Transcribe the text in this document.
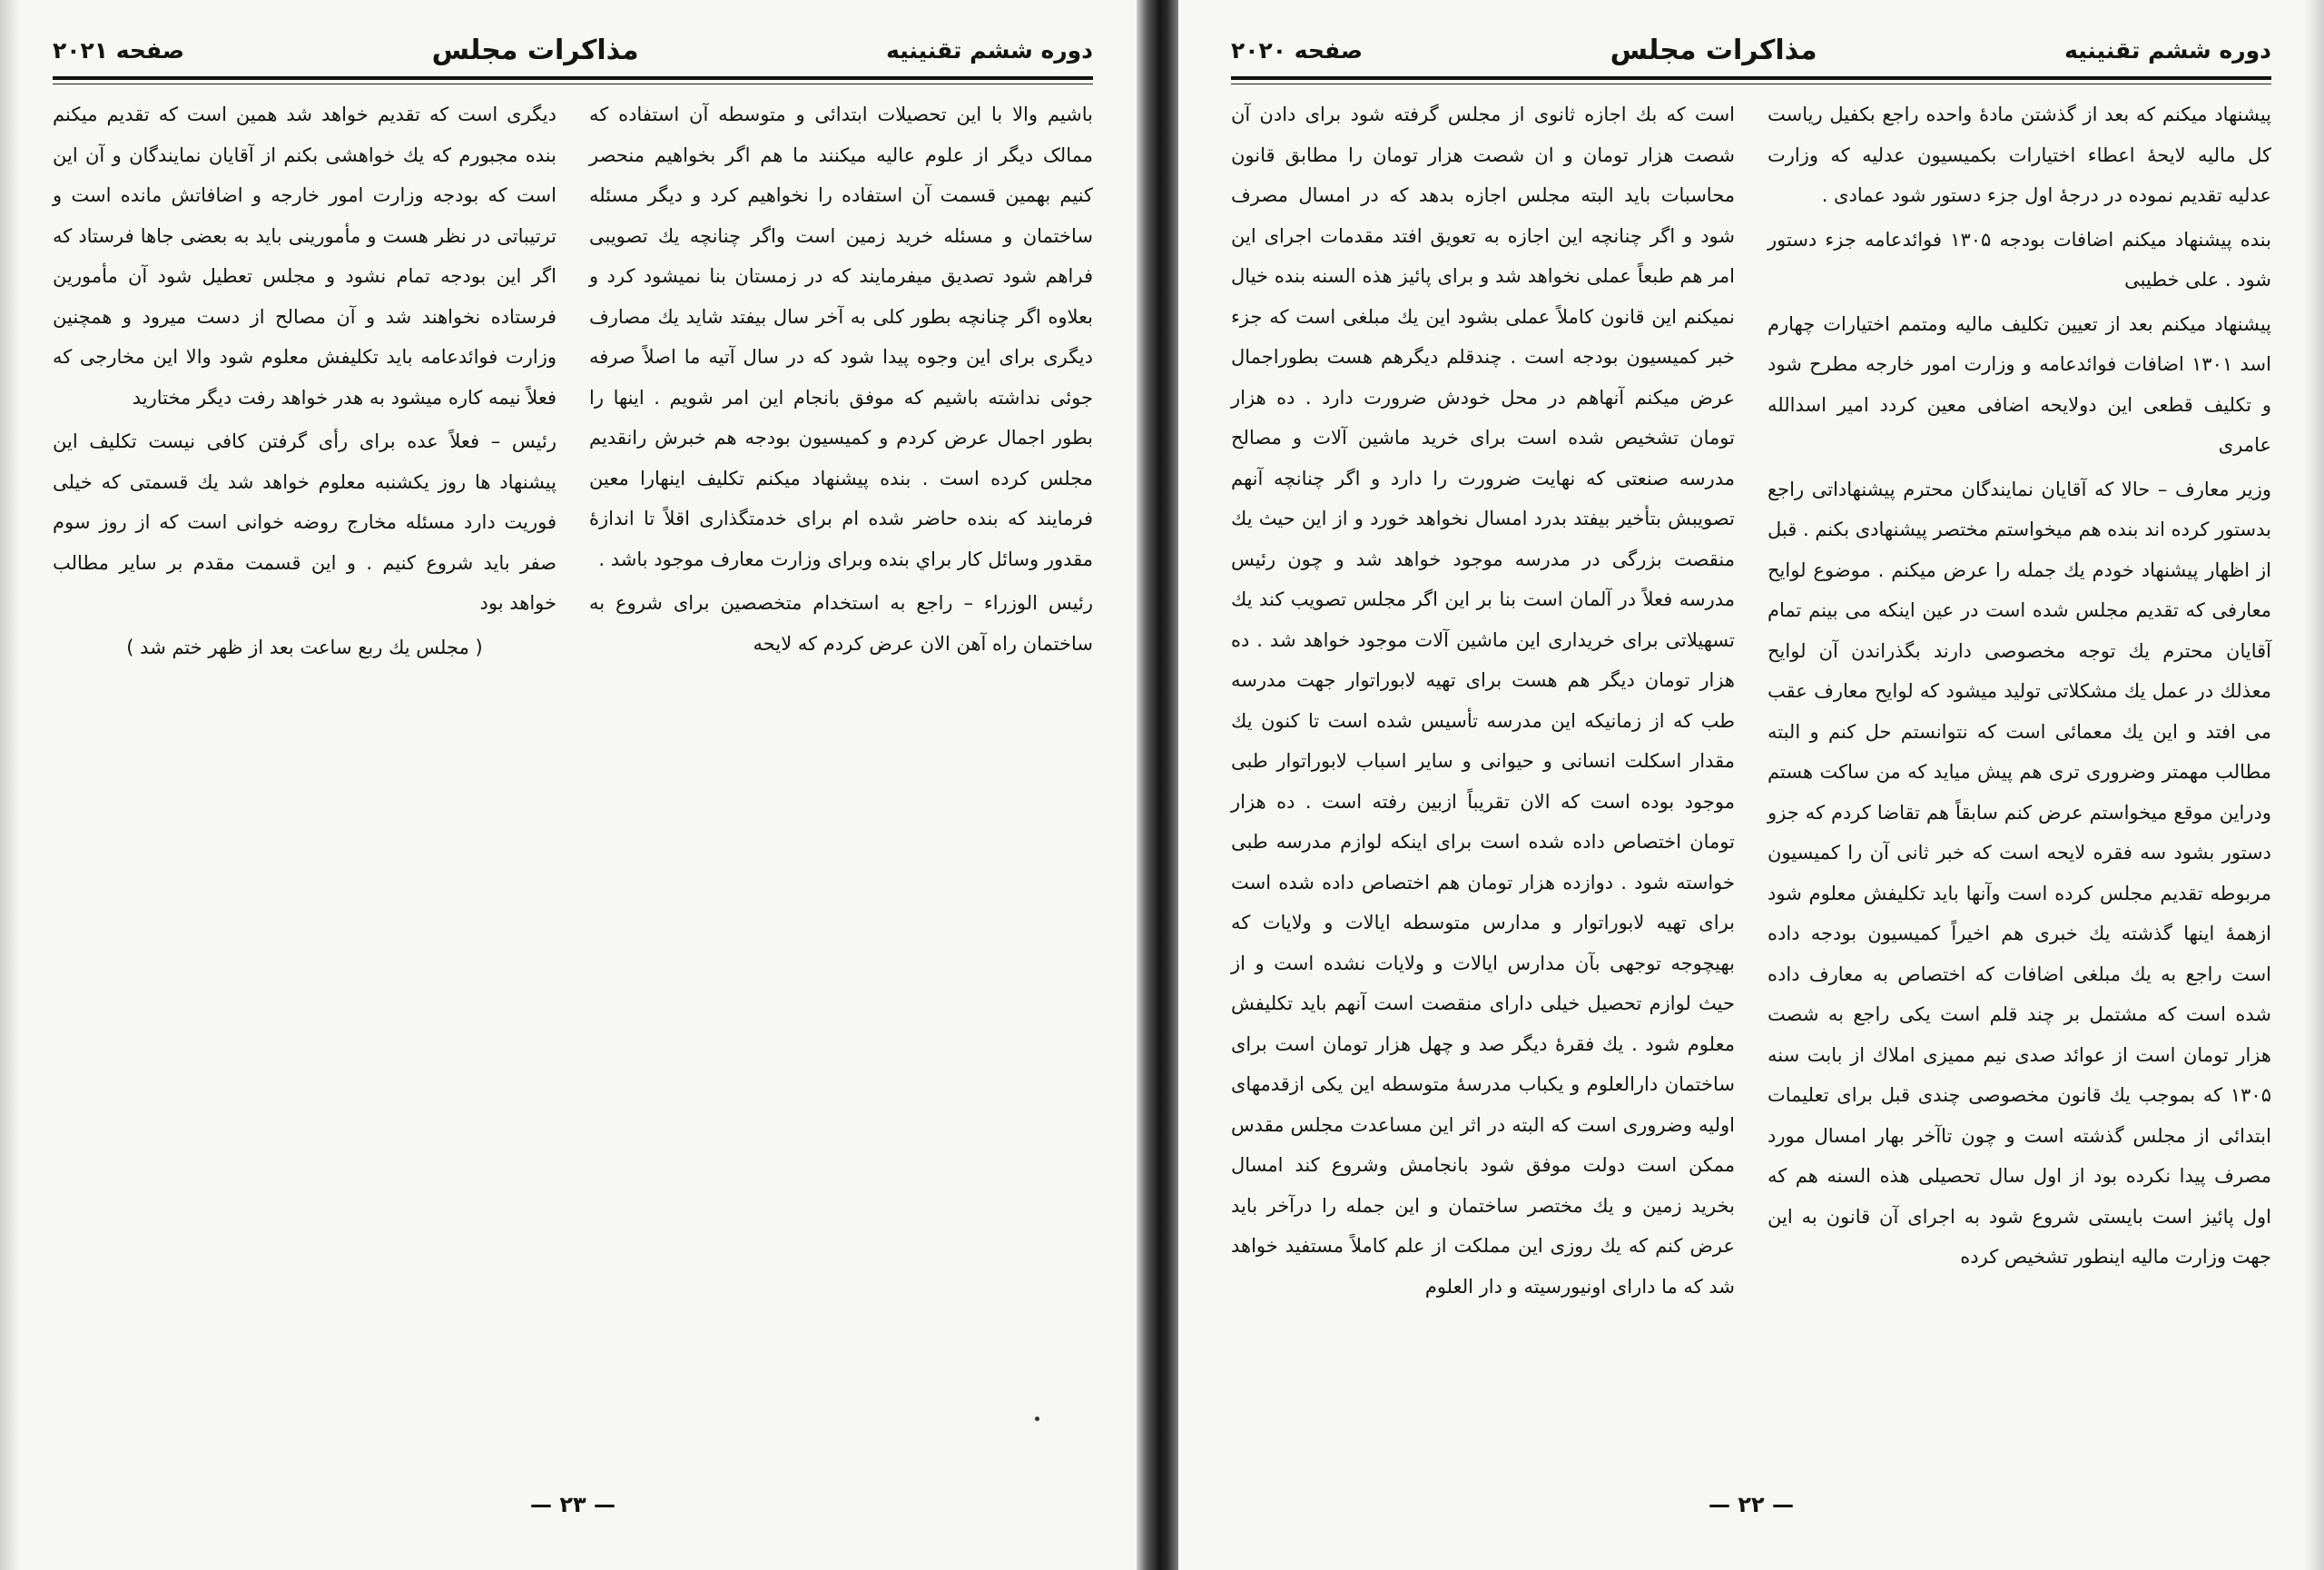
صفحه ۲۰۲۱	مذاکرات مجلس	دوره ششم تقنینیه

باشیم والا با این تحصیلات ابتدائی و متوسطه آن استفاده که ممالک دیگر از علوم عالیه میکنند ما هم اگر بخواهیم منحصر کنیم بهمین قسمت آن استفاده را نخواهیم کرد و دیگر مسئله ساختمان و مسئله خرید زمین است واگر چنانچه یك تصویبی فراهم شود تصدیق میفرمایند که در زمستان بنا نمیشود کرد و بعلاوه اگر چنانچه بطور کلی به آخر سال بیفتد شاید یك مصارف دیگری برای این وجوه پیدا شود که در سال آتیه ما اصلاً صرفه جوئی نداشته باشیم که موفق بانجام این امر شویم . اینها را بطور اجمال عرض کردم و کمیسیون بودجه هم خبرش رانقدیم مجلس کرده است . بنده پیشنهاد میکنم تکلیف اینهارا معین فرمایند که بنده حاضر شده ام برای خدمتگذاری اقلاً تا اندازهٔ مقدور وسائل کار براي بنده وبرای وزارت معارف موجود باشد .

رئیس الوزراء – راجع به استخدام متخصصین برای شروع به ساختمان راه آهن الان عرض کردم که لایحه

دیگری است که تقدیم خواهد شد همین است که تقدیم میکنم بنده مجبورم که یك خواهشی بکنم از آقایان نمایندگان و آن این است که بودجه وزارت امور خارجه و اضافاتش مانده است و ترتیباتی در نظر هست و مأمورینی باید به بعضی جاها فرستاد که اگر این بودجه تمام نشود و مجلس تعطیل شود آن مأمورین فرستاده نخواهند شد و آن مصالح از دست میرود و همچنین وزارت فوائدعامه باید تکلیفش معلوم شود والا این مخارجی که فعلاً نیمه کاره میشود به هدر خواهد رفت دیگر مختارید

رئیس – فعلاً عده برای رأی گرفتن کافی نیست تکلیف این پیشنهاد ها روز یکشنبه معلوم خواهد شد یك قسمتی که خیلی فوریت دارد مسئله مخارج روضه خوانی است که از روز سوم صفر باید شروع کنیم . و این قسمت مقدم بر سایر مطالب خواهد بود

( مجلس یك ربع ساعت بعد از ظهر ختم شد )

— ۲۳ —
صفحه ۲۰۲۰	مذاکرات مجلس	دوره ششم تقنینیه

پیشنهاد میکنم که بعد از گذشتن مادهٔ واحده راجع بکفیل ریاست کل مالیه لایحهٔ اعطاء اختیارات بکمیسیون عدلیه که وزارت عدلیه تقدیم نموده در درجهٔ اول جزء دستور شود عمادی .

بنده پیشنهاد میکنم اضافات بودجه ۱۳۰۵ فوائدعامه جزء دستور شود . علی خطیبی

پیشنهاد میکنم بعد از تعیین تکلیف مالیه ومتمم اختیارات چهارم اسد ۱۳۰۱ اضافات فوائدعامه و وزارت امور خارجه مطرح شود و تکلیف قطعی این دولایحه اضافی معین کردد امیر اسدالله عامری

وزیر معارف – حالا که آقایان نمایندگان محترم پیشنهاداتی راجع بدستور کرده اند بنده هم میخواستم مختصر پیشنهادی بکنم . قبل از اظهار پیشنهاد خودم یك جمله را عرض میکنم . موضوع لوایح معارفی که تقدیم مجلس شده است در عین اینکه می بینم تمام آقایان محترم یك توجه مخصوصی دارند بگذراندن آن لوایح معذلك در عمل یك مشکلاتی تولید میشود که لوایح معارف عقب می افتد و این یك معمائی است که نتوانستم حل کنم و البته مطالب مهمتر وضروری تری هم پیش میاید که من ساکت هستم ودراین موقع میخواستم عرض کنم سابقاً هم تقاضا کردم که جزو دستور بشود سه فقره لایحه است که خبر ثانی آن را کمیسیون مربوطه تقدیم مجلس کرده است وآنها باید تکلیفش معلوم شود ازهمهٔ اینها گذشته یك خبری هم اخیراً کمیسیون بودجه داده است راجع به یك مبلغی اضافات که اختصاص به معارف داده شده است که مشتمل بر چند قلم است یکی راجع به شصت هزار تومان است از عوائد صدی نیم ممیزی املاك از بابت سنه ۱۳۰۵ که بموجب یك قانون مخصوصی چندی قبل برای تعلیمات ابتدائی از مجلس گذشته است و چون تاآخر بهار امسال مورد مصرف پیدا نکرده بود از اول سال تحصیلی هذه السنه هم که اول پائیز است بایستی شروع شود به اجرای آن قانون به این جهت وزارت مالیه اینطور تشخیص کرده

است که بك اجازه ثانوی از مجلس گرفته شود برای دادن آن شصت هزار تومان و ان شصت هزار تومان را مطابق قانون محاسبات باید البته مجلس اجازه بدهد که در امسال مصرف شود و اگر چنانچه این اجازه به تعویق افتد مقدمات اجرای این امر هم طبعاً عملی نخواهد شد و برای پائیز هذه السنه بنده خیال نمیکنم این قانون کاملاً عملی بشود این یك مبلغی است که جزء خبر کمیسیون بودجه است . چندقلم دیگرهم هست بطوراجمال عرض میکنم آنهاهم در محل خودش ضرورت دارد . ده هزار تومان تشخیص شده است برای خرید ماشین آلات و مصالح مدرسه صنعتی که نهایت ضرورت را دارد و اگر چنانچه آنهم تصویبش بتأخیر بیفتد بدرد امسال نخواهد خورد و از این حیث یك منقصت بزرگی در مدرسه موجود خواهد شد و چون رئیس مدرسه فعلاً در آلمان است بنا بر این اگر مجلس تصویب کند یك تسهیلاتی برای خریداری این ماشین آلات موجود خواهد شد . ده هزار تومان دیگر هم هست برای تهیه لابوراتوار جهت مدرسه طب که از زمانیکه این مدرسه تأسیس شده است تا کنون یك مقدار اسکلت انسانی و حیوانی و سایر اسباب لابوراتوار طبی موجود بوده است که الان تقریباً ازبین رفته است . ده هزار تومان اختصاص داده شده است برای اینکه لوازم مدرسه طبی خواسته شود . دوازده هزار تومان هم اختصاص داده شده است برای تهیه لابوراتوار و مدارس متوسطه ایالات و ولایات که بهیچوجه توجهی بآن مدارس ایالات و ولایات نشده است و از حیث لوازم تحصیل خیلی دارای منقصت است آنهم باید تکلیفش معلوم شود . یك فقرهٔ دیگر صد و چهل هزار تومان است برای ساختمان دارالعلوم و یکباب مدرسهٔ متوسطه این یکی ازقدمهای اولیه وضروری است که البته در اثر این مساعدت مجلس مقدس ممکن است دولت موفق شود بانجامش وشروع کند امسال بخرید زمین و یك مختصر ساختمان و این جمله را درآخر باید عرض کنم که یك روزی این مملکت از علم کاملاً مستفید خواهد شد که ما دارای اونیورسیته و دار العلوم

— ۲۲ —
